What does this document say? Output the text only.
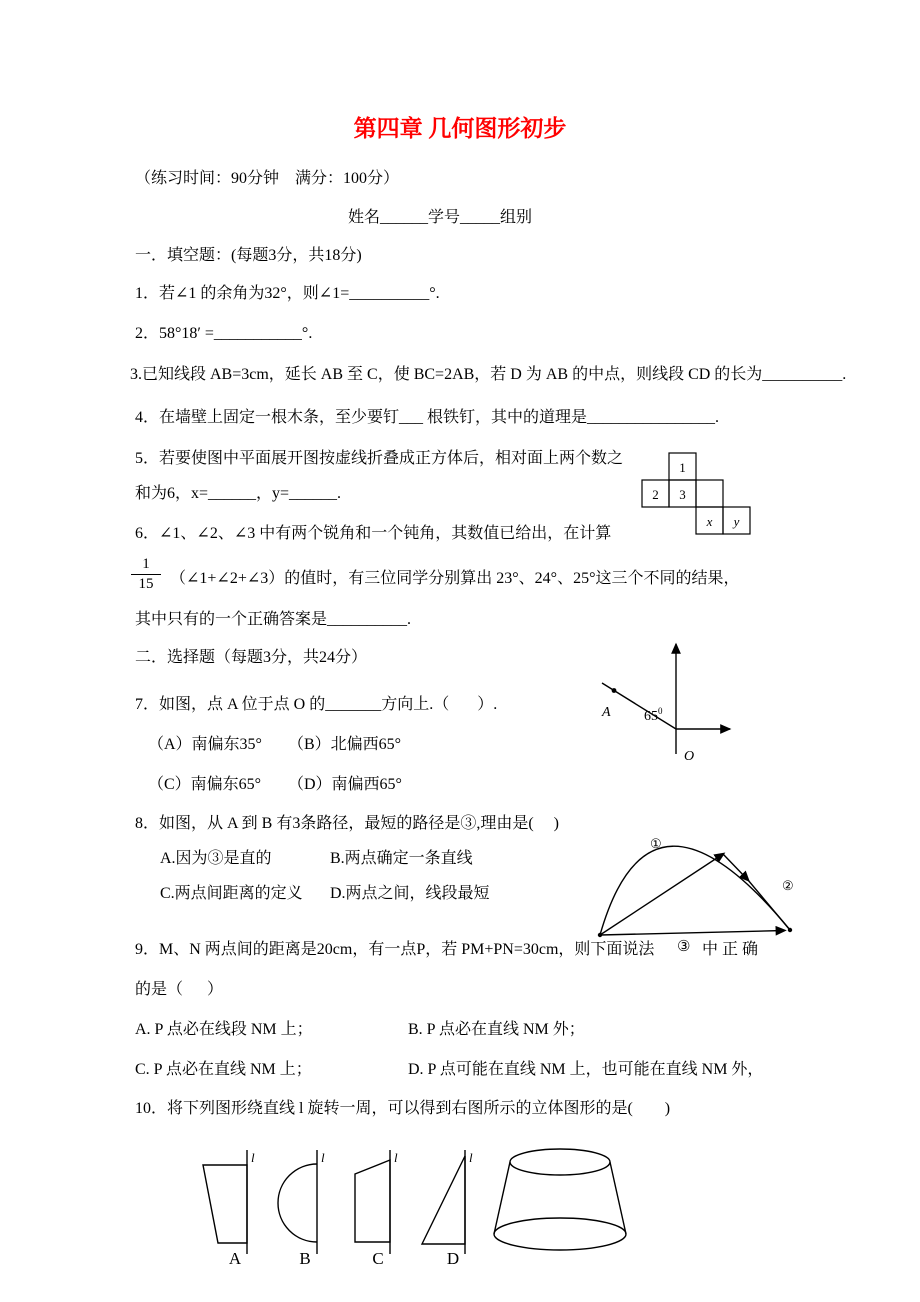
第四章 几何图形初步
（练习时间：90分钟    满分：100分）
姓名______学号_____组别
一．填空题：(每题3分，共18分)
1．若∠1 的余角为32°，则∠1=__________°.
2．58°18′ =___________°.
3.已知线段 AB=3cm，延长 AB 至 C，使 BC=2AB，若 D 为 AB 的中点，则线段 CD 的长为__________.
4．在墙壁上固定一根木条，至少要钉___ 根铁钉，其中的道理是________________.
5．若要使图中平面展开图按虚线折叠成正方体后，相对面上两个数之
和为6，x=______，y=______.
1
2 3
x y
6．∠1、∠2、∠3 中有两个锐角和一个钝角，其数值已给出，在计算
$\frac{1}{15}$ （∠1+∠2+∠3）的值时，有三位同学分别算出 23°、24°、25°这三个不同的结果，
其中只有的一个正确答案是__________.
二．选择题（每题3分，共24分）
7．如图，点 A 位于点 O 的_______方向上.（       ）.
（A）南偏东35° （B）北偏西65°
（C）南偏东65° （D）南偏西65°
A $65^0$
O
8．如图，从 A 到 B 有3条路径，最短的路径是③,理由是(     )
A.因为③是直的	B.两点确定一条直线
C.两点间距离的定义 D.两点之间，线段最短
①
②
③
9．M、N 两点间的距离是20cm，有一点P，若 PM+PN=30cm，则下面说法	中 正 确
的是（      ）
A. P 点必在线段 NM 上；	B. P 点必在直线 NM 外；
C. P 点必在直线 NM 上；	D. P 点可能在直线 NM 上，也可能在直线 NM 外，
10．将下列图形绕直线 l 旋转一周，可以得到右图所示的立体图形的是(        )
l	l	l	l
A	B	C	D
